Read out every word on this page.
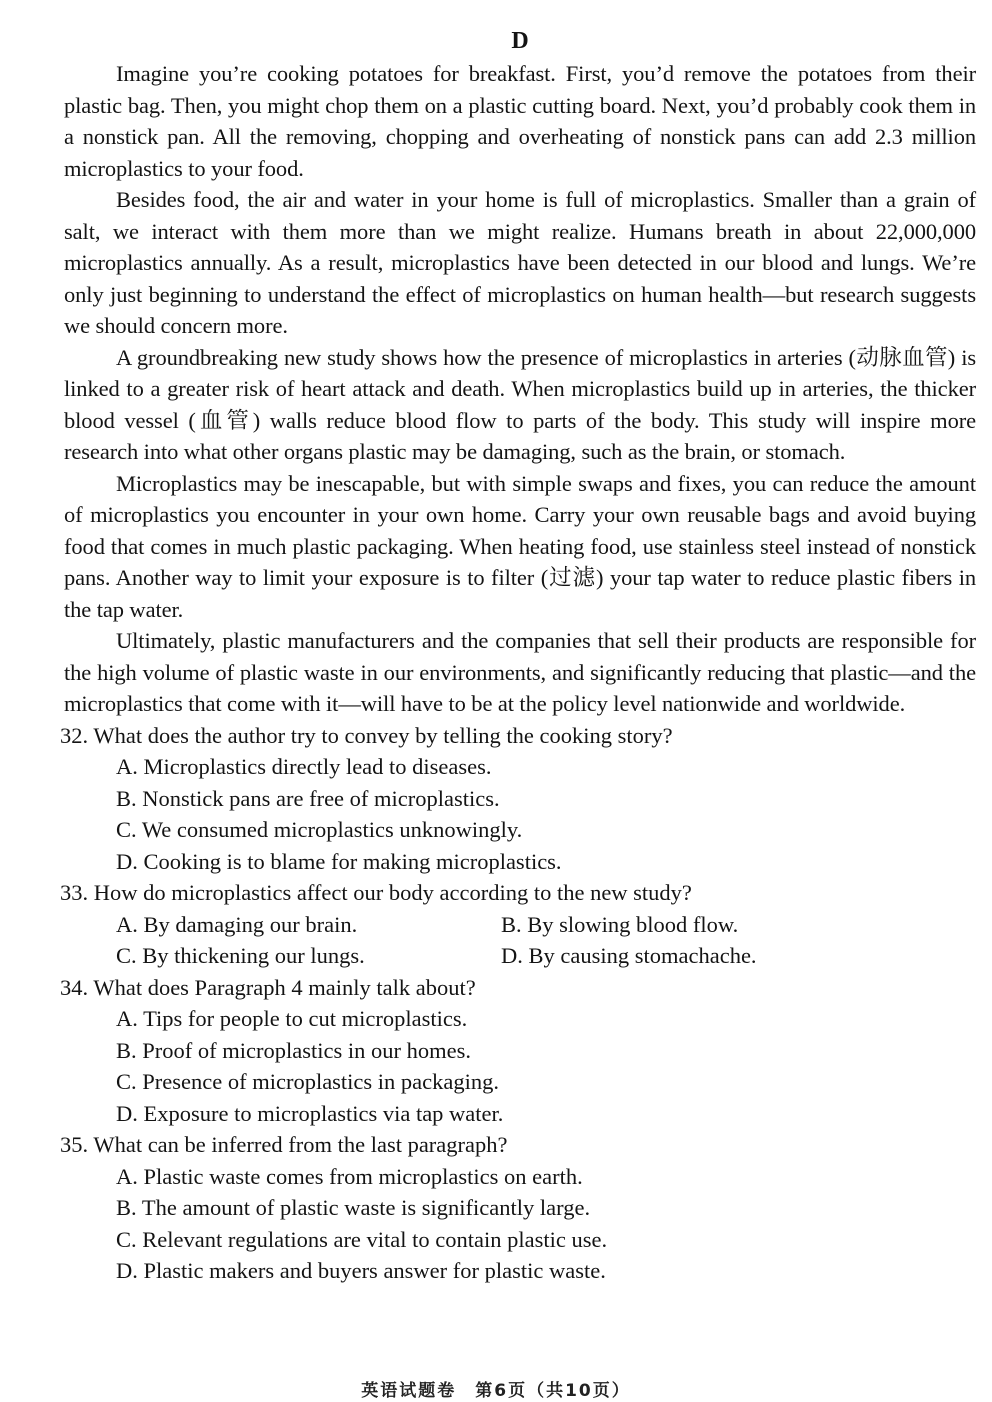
D

Imagine you’re cooking potatoes for breakfast. First, you’d remove the potatoes from their plastic bag. Then, you might chop them on a plastic cutting board. Next, you’d probably cook them in a nonstick pan. All the removing, chopping and overheating of nonstick pans can add 2.3 million microplastics to your food.

Besides food, the air and water in your home is full of microplastics. Smaller than a grain of salt, we interact with them more than we might realize. Humans breath in about 22,000,000 microplastics annually. As a result, microplastics have been detected in our blood and lungs. We’re only just beginning to understand the effect of microplastics on human health—but research suggests we should concern more.

A groundbreaking new study shows how the presence of microplastics in arteries (动脉血管) is linked to a greater risk of heart attack and death. When microplastics build up in arteries, the thicker blood vessel (血管) walls reduce blood flow to parts of the body. This study will inspire more research into what other organs plastic may be damaging, such as the brain, or stomach.

Microplastics may be inescapable, but with simple swaps and fixes, you can reduce the amount of microplastics you encounter in your own home. Carry your own reusable bags and avoid buying food that comes in much plastic packaging. When heating food, use stainless steel instead of nonstick pans. Another way to limit your exposure is to filter (过滤) your tap water to reduce plastic fibers in the tap water.

Ultimately, plastic manufacturers and the companies that sell their products are responsible for the high volume of plastic waste in our environments, and significantly reducing that plastic—and the microplastics that come with it—will have to be at the policy level nationwide and worldwide.

32. What does the author try to convey by telling the cooking story?
A. Microplastics directly lead to diseases.
B. Nonstick pans are free of microplastics.
C. We consumed microplastics unknowingly.
D. Cooking is to blame for making microplastics.
33. How do microplastics affect our body according to the new study?
A. By damaging our brain.	B. By slowing blood flow.
C. By thickening our lungs.	D. By causing stomachache.
34. What does Paragraph 4 mainly talk about?
A. Tips for people to cut microplastics.
B. Proof of microplastics in our homes.
C. Presence of microplastics in packaging.
D. Exposure to microplastics via tap water.
35. What can be inferred from the last paragraph?
A. Plastic waste comes from microplastics on earth.
B. The amount of plastic waste is significantly large.
C. Relevant regulations are vital to contain plastic use.
D. Plastic makers and buyers answer for plastic waste.
英语试题卷　第6页（共10页）
